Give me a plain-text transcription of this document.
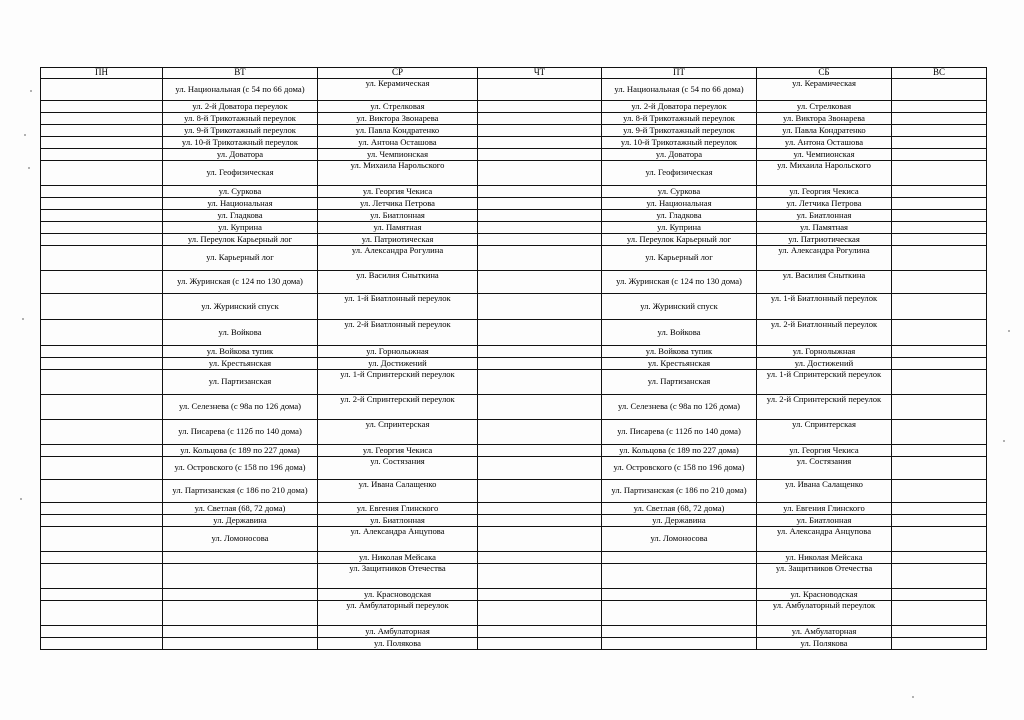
ПН	ВТ	СР	ЧТ	ПТ	СБ	ВС
	ул. Национальная (с 54 по 66 дома)	ул. Керамическая		ул. Национальная (с 54 по 66 дома)	ул. Керамическая	
	ул. 2-й Доватора переулок	ул. Стрелковая		ул. 2-й Доватора переулок	ул. Стрелковая	
	ул. 8-й Трикотажный переулок	ул. Виктора Звонарева		ул. 8-й Трикотажный переулок	ул. Виктора Звонарева	
	ул. 9-й Трикотажный переулок	ул. Павла Кондратенко		ул. 9-й Трикотажный переулок	ул. Павла Кондратенко	
	ул. 10-й Трикотажный переулок	ул. Антона Осташова		ул. 10-й Трикотажный переулок	ул. Антона Осташова	
	ул. Доватора	ул. Чемпионская		ул. Доватора	ул. Чемпионская	
	ул. Геофизическая	ул. Михаила Нарольского		ул. Геофизическая	ул. Михаила Нарольского	
	ул. Суркова	ул. Георгия Чекиса		ул. Суркова	ул. Георгия Чекиса	
	ул. Национальная	ул. Летчика Петрова		ул. Национальная	ул. Летчика Петрова	
	ул. Гладкова	ул. Биатлонная		ул. Гладкова	ул. Биатлонная	
	ул. Куприна	ул. Памятная		ул. Куприна	ул. Памятная	
	ул. Переулок Карьерный лог	ул. Патриотическая		ул. Переулок Карьерный лог	ул. Патриотическая	
	ул. Карьерный лог	ул. Александра Рогулина		ул. Карьерный лог	ул. Александра Рогулина	
	ул. Журинская (с 124 по 130 дома)	ул. Василия Сныткина		ул. Журинская (с 124 по 130 дома)	ул. Василия Сныткина	
	ул. Журинский спуск	ул. 1-й Биатлонный переулок		ул. Журинский спуск	ул. 1-й Биатлонный переулок	
	ул. Войкова	ул. 2-й Биатлонный переулок		ул. Войкова	ул. 2-й Биатлонный переулок	
	ул. Войкова тупик	ул. Горнолыжная		ул. Войкова тупик	ул. Горнолыжная	
	ул. Крестьянская	ул. Достижений		ул. Крестьянская	ул. Достижений	
	ул. Партизанская	ул. 1-й Спринтерский переулок		ул. Партизанская	ул. 1-й Спринтерский переулок	
	ул. Селезнева (с 98а по 126 дома)	ул. 2-й Спринтерский переулок		ул. Селезнева (с 98а по 126 дома)	ул. 2-й Спринтерский переулок	
	ул. Писарева (с 112б по 140 дома)	ул. Спринтерская		ул. Писарева (с 112б по 140 дома)	ул. Спринтерская	
	ул. Кольцова (с 189 по 227 дома)	ул. Георгия Чекиса		ул. Кольцова (с 189 по 227 дома)	ул. Георгия Чекиса	
	ул. Островского (с 158 по 196 дома)	ул. Состязания		ул. Островского (с 158 по 196 дома)	ул. Состязания	
	ул. Партизанская (с 186 по 210 дома)	ул. Ивана Салащенко		ул. Партизанская (с 186 по 210 дома)	ул. Ивана Салащенко	
	ул. Светлая (68, 72 дома)	ул. Евгения Глинского		ул. Светлая (68, 72 дома)	ул. Евгения Глинского	
	ул. Державина	ул. Биатлонная		ул. Державина	ул. Биатлонная	
	ул. Ломоносова	ул. Александра Анцупова		ул. Ломоносова	ул. Александра Анцупова	
		ул. Николая Мейсака			ул. Николая Мейсака	
		ул. Защитников Отечества			ул. Защитников Отечества	
		ул. Красноводская			ул. Красноводская	
		ул. Амбулаторный переулок			ул. Амбулаторный переулок	
		ул. Амбулаторная			ул. Амбулаторная	
		ул. Полякова			ул. Полякова	
